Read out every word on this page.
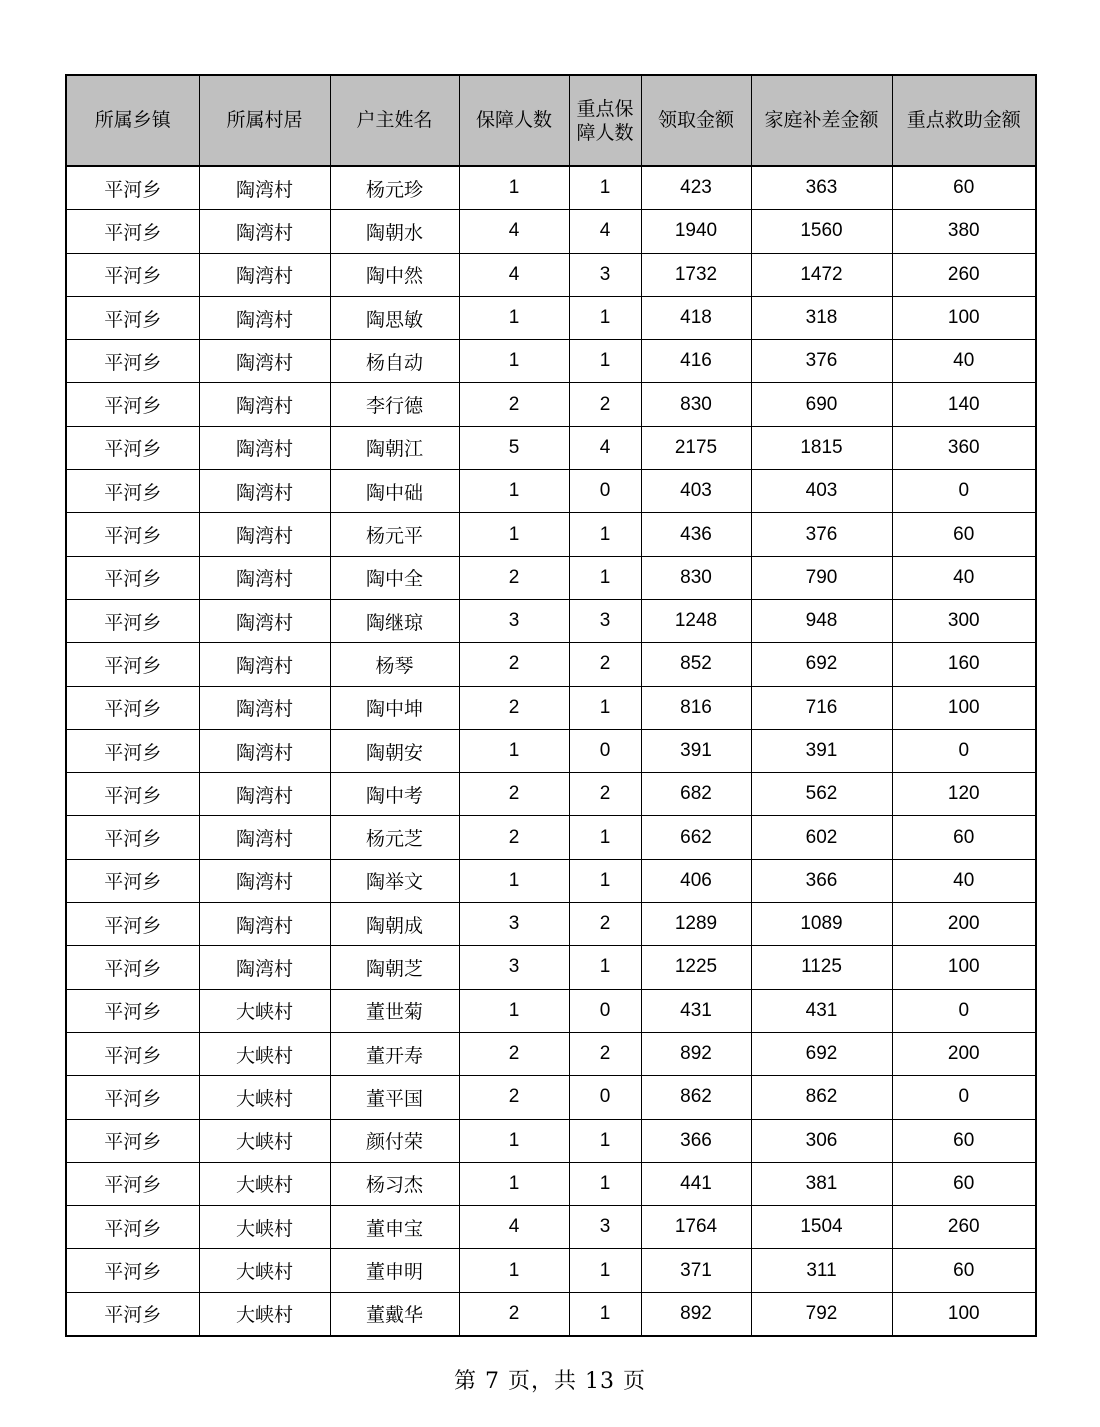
所属乡镇	所属村居	户主姓名	保障人数	重点保障人数	领取金额	家庭补差金额	重点救助金额
平河乡	陶湾村	杨元珍	1	1	423	363	60
平河乡	陶湾村	陶朝水	4	4	1940	1560	380
平河乡	陶湾村	陶中然	4	3	1732	1472	260
平河乡	陶湾村	陶思敏	1	1	418	318	100
平河乡	陶湾村	杨自动	1	1	416	376	40
平河乡	陶湾村	李行德	2	2	830	690	140
平河乡	陶湾村	陶朝江	5	4	2175	1815	360
平河乡	陶湾村	陶中础	1	0	403	403	0
平河乡	陶湾村	杨元平	1	1	436	376	60
平河乡	陶湾村	陶中全	2	1	830	790	40
平河乡	陶湾村	陶继琼	3	3	1248	948	300
平河乡	陶湾村	杨琴	2	2	852	692	160
平河乡	陶湾村	陶中坤	2	1	816	716	100
平河乡	陶湾村	陶朝安	1	0	391	391	0
平河乡	陶湾村	陶中考	2	2	682	562	120
平河乡	陶湾村	杨元芝	2	1	662	602	60
平河乡	陶湾村	陶举文	1	1	406	366	40
平河乡	陶湾村	陶朝成	3	2	1289	1089	200
平河乡	陶湾村	陶朝芝	3	1	1225	1125	100
平河乡	大峡村	董世菊	1	0	431	431	0
平河乡	大峡村	董开寿	2	2	892	692	200
平河乡	大峡村	董平国	2	0	862	862	0
平河乡	大峡村	颜付荣	1	1	366	306	60
平河乡	大峡村	杨习杰	1	1	441	381	60
平河乡	大峡村	董申宝	4	3	1764	1504	260
平河乡	大峡村	董申明	1	1	371	311	60
平河乡	大峡村	董戴华	2	1	892	792	100
第 7 页，共 13 页
